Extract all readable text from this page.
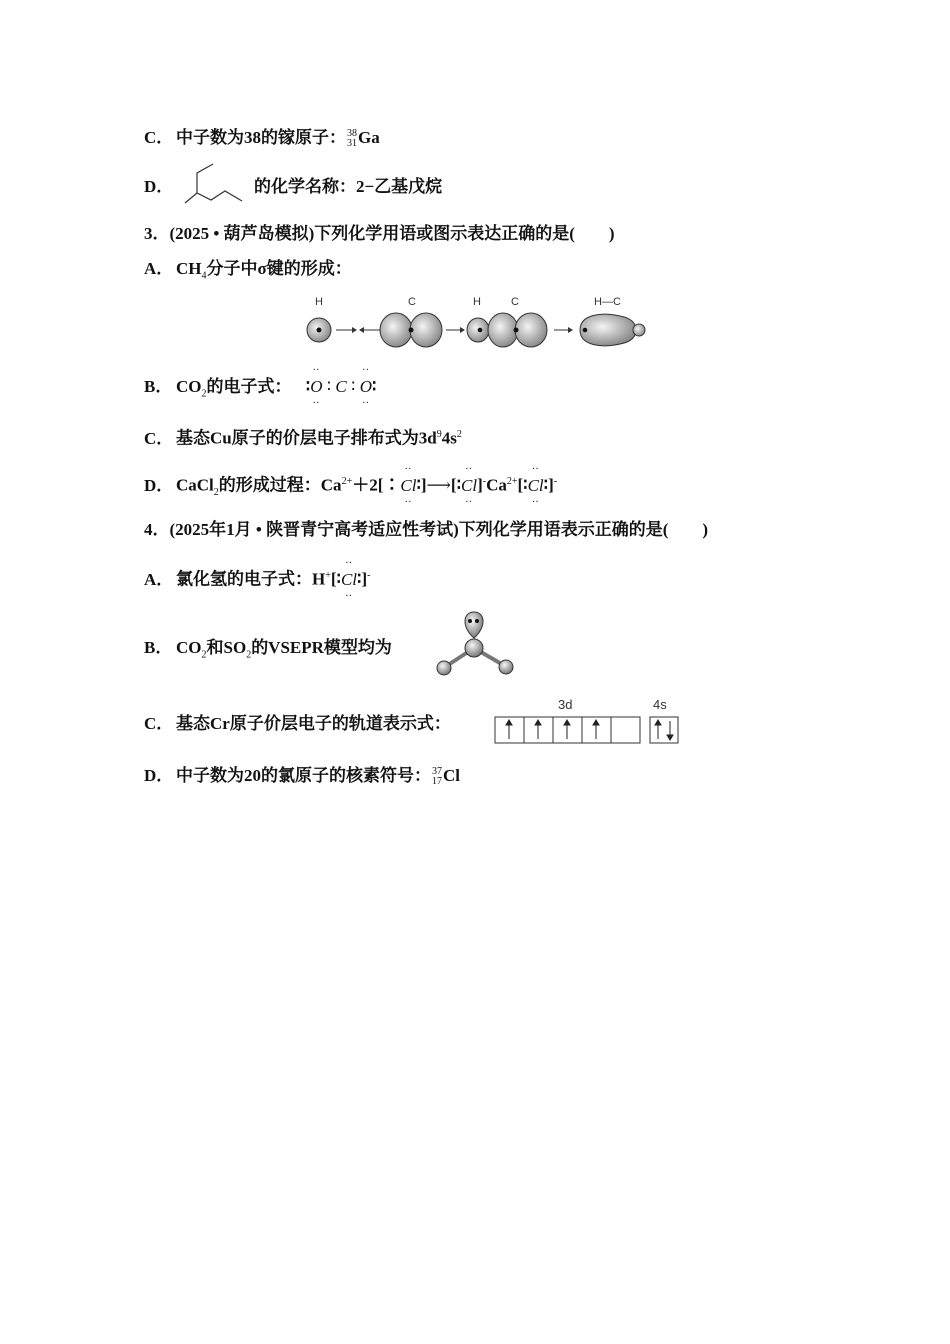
C． 中子数为38的镓原子： 38
31 Ga
D．	的化学名称：2−乙基戊烷
3．(2025 • 葫芦岛模拟)下列化学用语或图示表达正确的是(　　)
A． $CH_4$分子中σ键的形成：
H	C	H	C	H—C
B． $CO_2$的电子式： ∶
··
O
··
∶ C ∶
··
O
··
∶
C． 基态Cu原子的价层电子排布式为$3d^94s^2$
D． CaCl$_2$的形成过程：$Ca^{2+}+2[∶$
··
Cl
··
∶]⟶[∶
··
Cl
··
]$^-Ca^{2+}[∶$
··
Cl
··
∶]-
4．(2025年1月 • 陕晋青宁高考适应性考试)下列化学用语表示正确的是(　　)
A． 氯化氢的电子式：H+[∶
··
Cl
··
∶]-
B． $CO_2$和$SO_2$的VSEPR模型均为
C． 基态Cr原子价层电子的轨道表示式：
3d	4s
D． 中子数为20的氯原子的核素符号： 37
17 Cl
